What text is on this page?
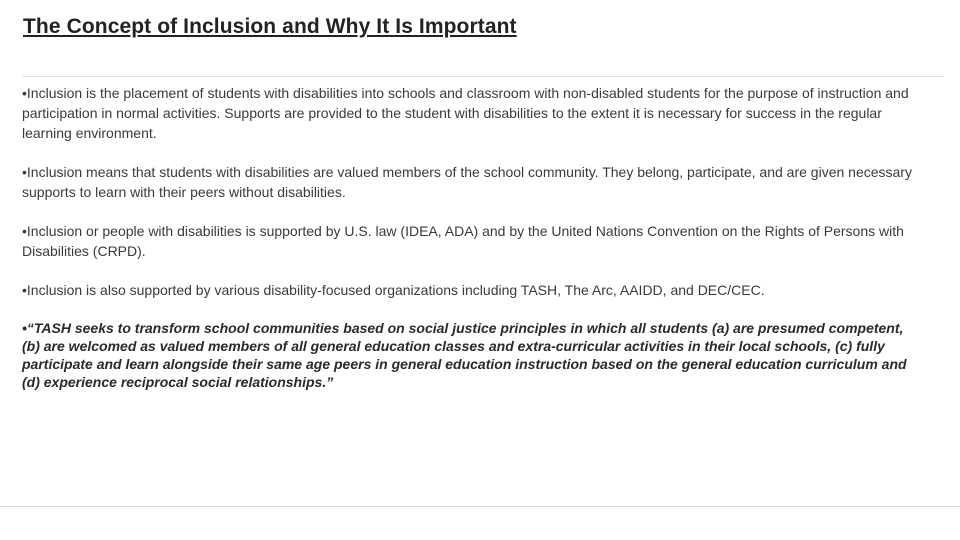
The Concept of Inclusion and Why It Is Important
•Inclusion is the placement of students with disabilities into schools and classroom with non-disabled students for the purpose of instruction and participation in normal activities. Supports are provided to the student with disabilities to the extent it is necessary for success in the regular learning environment.
•Inclusion means that students with disabilities are valued members of the school community. They belong, participate, and are given necessary supports to learn with their peers without disabilities.
•Inclusion or people with disabilities is supported by U.S. law (IDEA, ADA) and by the United Nations Convention on the Rights of Persons with Disabilities (CRPD).
•Inclusion is also supported by various disability-focused organizations including TASH, The Arc, AAIDD, and DEC/CEC.
•“TASH seeks to transform school communities based on social justice principles in which all students (a) are presumed competent, (b) are welcomed as valued members of all general education classes and extra-curricular activities in their local schools, (c) fully participate and learn alongside their same age peers in general education instruction based on the general education curriculum and (d) experience reciprocal social relationships.”
